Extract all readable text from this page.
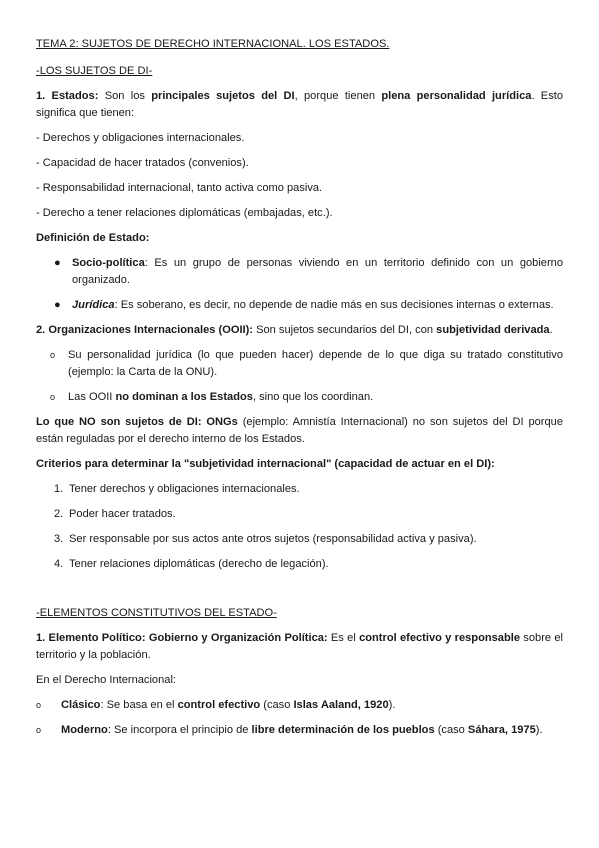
TEMA 2: SUJETOS DE DERECHO INTERNACIONAL. LOS ESTADOS.

-LOS SUJETOS DE DI-

1. Estados: Son los principales sujetos del DI, porque tienen plena personalidad jurídica. Esto significa que tienen:

- Derechos y obligaciones internacionales.

- Capacidad de hacer tratados (convenios).

- Responsabilidad internacional, tanto activa como pasiva.

- Derecho a tener relaciones diplomáticas (embajadas, etc.).

Definición de Estado:

● Socio-política: Es un grupo de personas viviendo en un territorio definido con un gobierno organizado.
● Jurídica: Es soberano, es decir, no depende de nadie más en sus decisiones internas o externas.

2. Organizaciones Internacionales (OOII): Son sujetos secundarios del DI, con subjetividad derivada.

o Su personalidad jurídica (lo que pueden hacer) depende de lo que diga su tratado constitutivo (ejemplo: la Carta de la ONU).
o Las OOII no dominan a los Estados, sino que los coordinan.

Lo que NO son sujetos de DI: ONGs (ejemplo: Amnistía Internacional) no son sujetos del DI porque están reguladas por el derecho interno de los Estados.

Criterios para determinar la "subjetividad internacional" (capacidad de actuar en el DI):

1. Tener derechos y obligaciones internacionales.
2. Poder hacer tratados.
3. Ser responsable por sus actos ante otros sujetos (responsabilidad activa y pasiva).
4. Tener relaciones diplomáticas (derecho de legación).

-ELEMENTOS CONSTITUTIVOS DEL ESTADO-

1. Elemento Político: Gobierno y Organización Política: Es el control efectivo y responsable sobre el territorio y la población.

En el Derecho Internacional:

o Clásico: Se basa en el control efectivo (caso Islas Aaland, 1920).
o Moderno: Se incorpora el principio de libre determinación de los pueblos (caso Sáhara, 1975).
